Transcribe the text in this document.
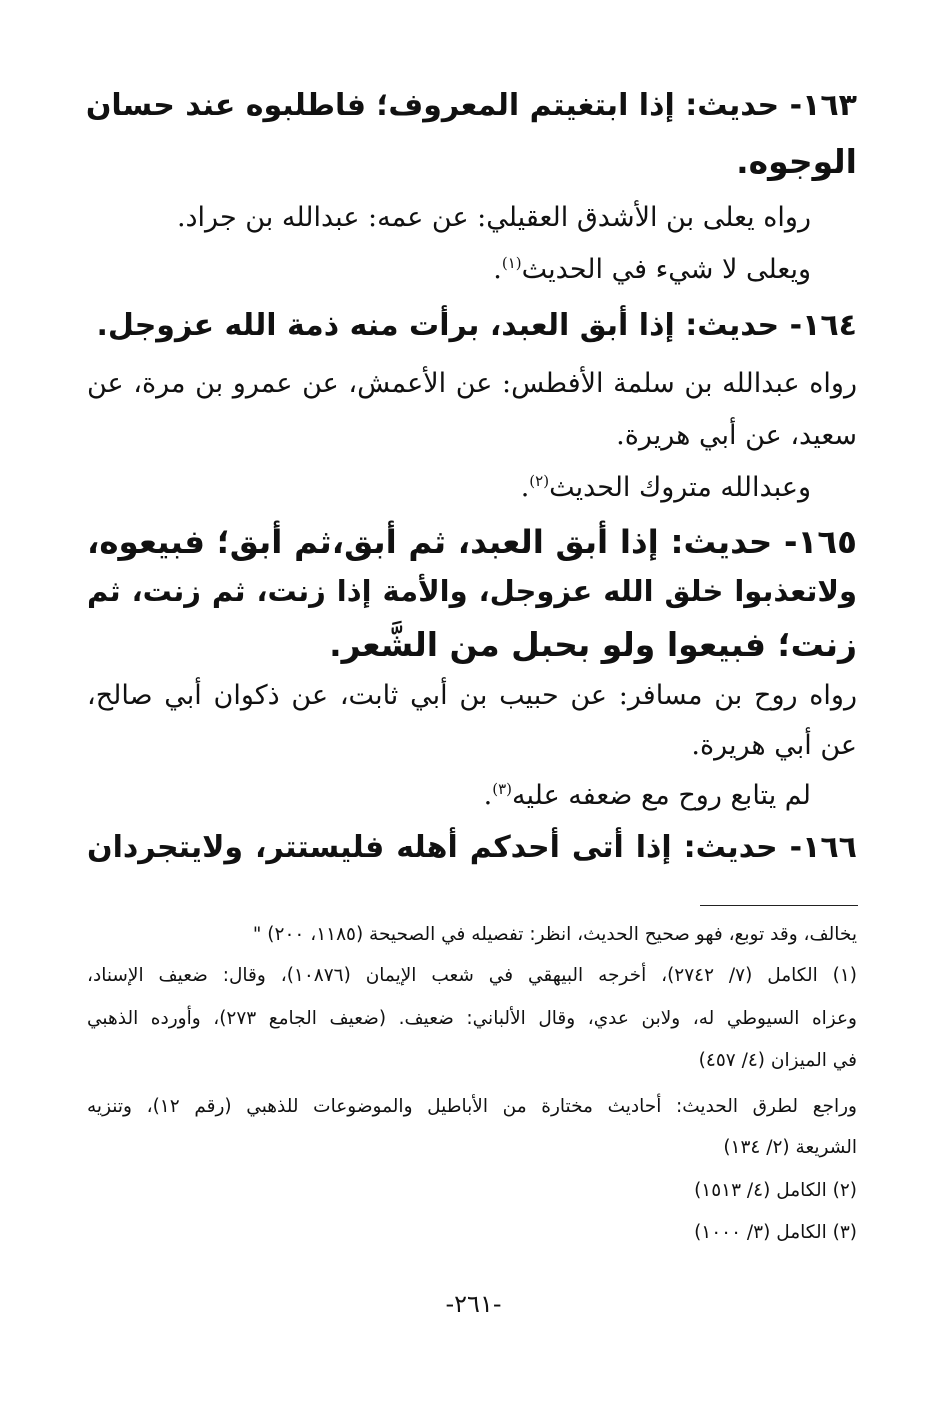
١٦٣- حديث: إذا ابتغيتم المعروف؛ فاطلبوه عند حسان
الوجوه.
رواه يعلى بن الأشدق العقيلي: عن عمه: عبدالله بن جراد.
ويعلى لا شيء في الحديث$^{(١)}$.
١٦٤- حديث: إذا أبق العبد، برأت منه ذمة الله عزوجل.
رواه عبدالله بن سلمة الأفطس: عن الأعمش، عن عمرو بن مرة، عن
سعيد، عن أبي هريرة.
وعبدالله متروك الحديث$^{(٢)}$.
١٦٥- حديث: إذا أبق العبد، ثم أبق،ثم أبق؛ فبيعوه،
ولاتعذبوا خلق الله عزوجل، والأمة إذا زنت، ثم زنت، ثم
زنت؛ فبيعوا ولو بحبل من الشَّعر.
رواه روح بن مسافر: عن حبيب بن أبي ثابت، عن ذكوان أبي صالح،
عن أبي هريرة.
لم يتابع روح مع ضعفه عليه$^{(٣)}$.
١٦٦- حديث: إذا أتى أحدكم أهله فليستتر، ولايتجردان
يخالف، وقد توبع، فهو صحيح الحديث، انظر: تفصيله في الصحيحة (١١٨٥، ٢٠٠) "
(١) الكامل (٧/ ٢٧٤٢)، أخرجه البيهقي في شعب الإيمان (١٠٨٧٦)، وقال: ضعيف الإسناد،
وعزاه السيوطي له، ولابن عدي، وقال الألباني: ضعيف. (ضعيف الجامع ٢٧٣)، وأورده الذهبي
في الميزان (٤/ ٤٥٧)
وراجع لطرق الحديث: أحاديث مختارة من الأباطيل والموضوعات للذهبي (رقم ١٢)، وتنزيه
الشريعة (٢/ ١٣٤)
(٢) الكامل (٤/ ١٥١٣)
(٣) الكامل (٣/ ١٠٠٠)
-٢٦١-
